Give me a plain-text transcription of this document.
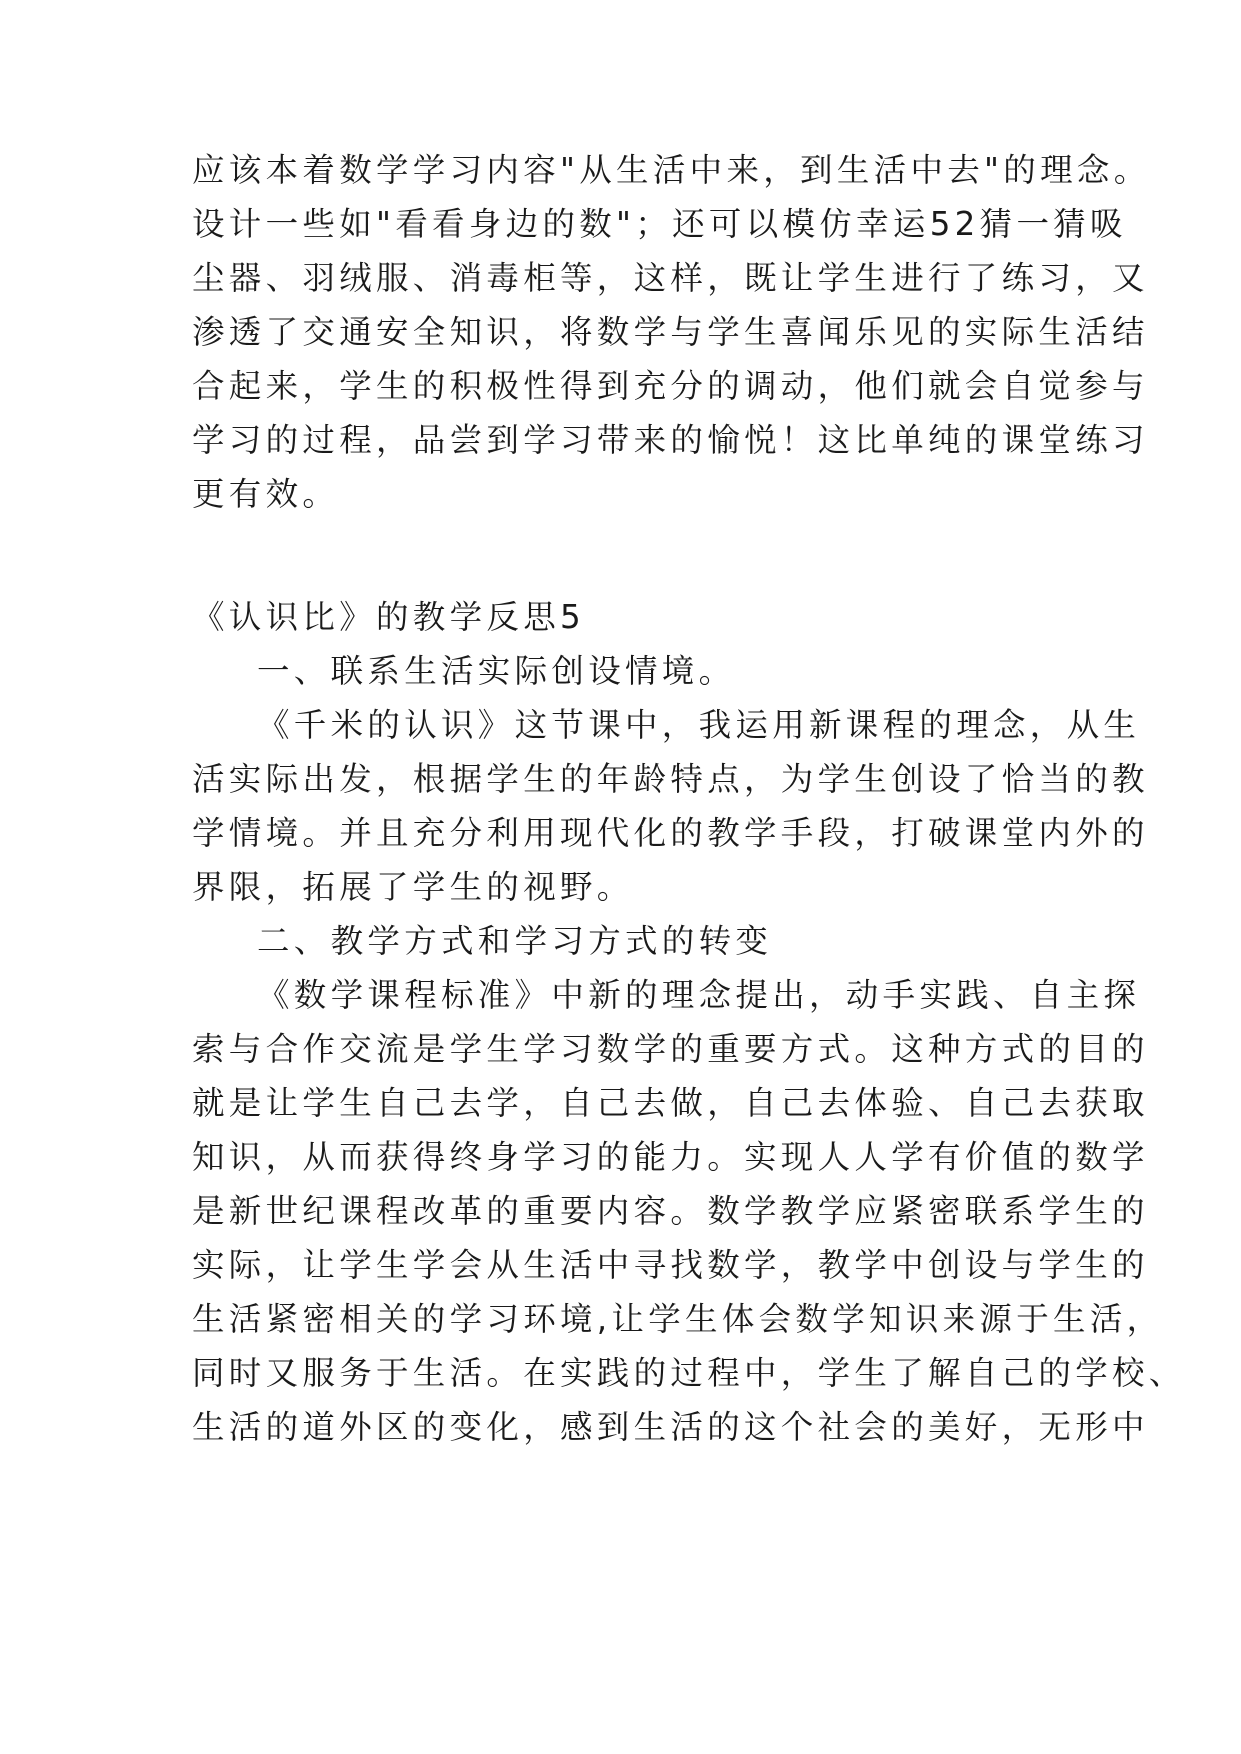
应该本着数学学习内容"从生活中来，到生活中去"的理念。
设计一些如"看看身边的数"；还可以模仿幸运52猜一猜吸
尘器、羽绒服、消毒柜等，这样，既让学生进行了练习，又
渗透了交通安全知识，将数学与学生喜闻乐见的实际生活结
合起来，学生的积极性得到充分的调动，他们就会自觉参与
学习的过程，品尝到学习带来的愉悦！这比单纯的课堂练习
更有效。
《认识比》的教学反思5
一、联系生活实际创设情境。
《千米的认识》这节课中，我运用新课程的理念，从生
活实际出发，根据学生的年龄特点，为学生创设了恰当的教
学情境。并且充分利用现代化的教学手段，打破课堂内外的
界限，拓展了学生的视野。
二、教学方式和学习方式的转变
《数学课程标准》中新的理念提出，动手实践、自主探
索与合作交流是学生学习数学的重要方式。这种方式的目的
就是让学生自己去学，自己去做，自己去体验、自己去获取
知识，从而获得终身学习的能力。实现人人学有价值的数学
是新世纪课程改革的重要内容。数学教学应紧密联系学生的
实际，让学生学会从生活中寻找数学，教学中创设与学生的
生活紧密相关的学习环境,让学生体会数学知识来源于生活，
同时又服务于生活。在实践的过程中，学生了解自己的学校、
生活的道外区的变化，感到生活的这个社会的美好，无形中
